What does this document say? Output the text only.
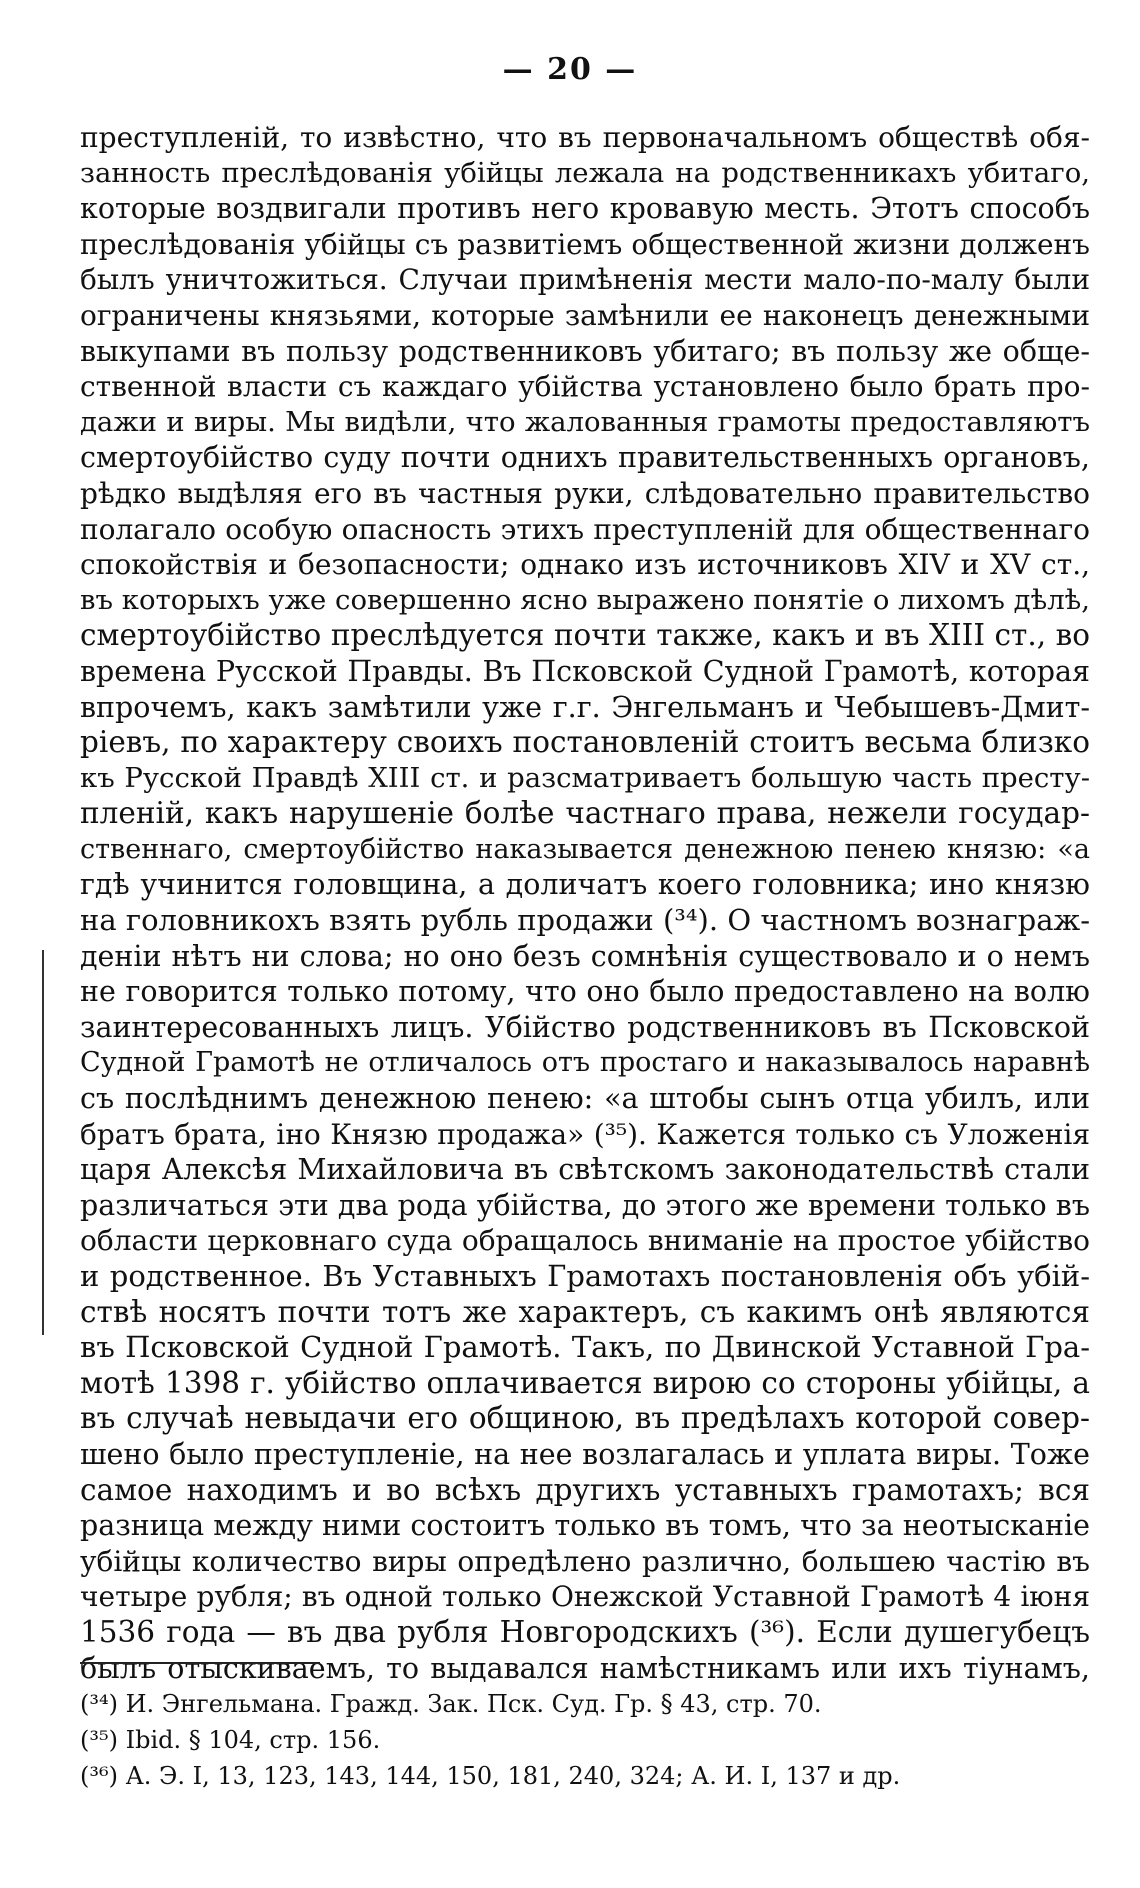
— 20 —
преступленій, то извѣстно, что въ первоначальномъ обществѣ обя-
занность преслѣдованія убійцы лежала на родственникахъ убитаго,
которые воздвигали противъ него кровавую месть. Этотъ способъ
преслѣдованія убійцы съ развитіемъ общественной жизни долженъ
былъ уничтожиться. Случаи примѣненія мести мало-по-малу были
ограничены князьями, которые замѣнили ее наконецъ денежными
выкупами въ пользу родственниковъ убитаго; въ пользу же обще-
ственной власти съ каждаго убійства установлено было брать про-
дажи и виры. Мы видѣли, что жалованныя грамоты предоставляютъ
смертоубійство суду почти однихъ правительственныхъ органовъ,
рѣдко выдѣляя его въ частныя руки, слѣдовательно правительство
полагало особую опасность этихъ преступленій для общественнаго
спокойствія и безопасности; однако изъ источниковъ XIV и XV ст.,
въ которыхъ уже совершенно ясно выражено понятіе о лихомъ дѣлѣ,
смертоубійство преслѣдуется почти также, какъ и въ XIII ст., во
времена Русской Правды. Въ Псковской Судной Грамотѣ, которая
впрочемъ, какъ замѣтили уже г.г. Энгельманъ и Чебышевъ-Дмит-
ріевъ, по характеру своихъ постановленій стоитъ весьма близко
къ Русской Правдѣ XIII ст. и разсматриваетъ большую часть престу-
пленій, какъ нарушеніе болѣе частнаго права, нежели государ-
ственнаго, смертоубійство наказывается денежною пенею князю: «а
гдѣ учинится головщина, а доличатъ коего головника; ино князю
на головникохъ взять рубль продажи (³⁴). О частномъ вознаграж-
деніи нѣтъ ни слова; но оно безъ сомнѣнія существовало и о немъ
не говорится только потому, что оно было предоставлено на волю
заинтересованныхъ лицъ. Убійство родственниковъ въ Псковской
Судной Грамотѣ не отличалось отъ простаго и наказывалось наравнѣ
съ послѣднимъ денежною пенею: «а штобы сынъ отца убилъ, или
братъ брата, іно Князю продажа» (³⁵). Кажется только съ Уложенія
царя Алексѣя Михайловича въ свѣтскомъ законодательствѣ стали
различаться эти два рода убійства, до этого же времени только въ
области церковнаго суда обращалось вниманіе на простое убійство
и родственное. Въ Уставныхъ Грамотахъ постановленія объ убій-
ствѣ носятъ почти тотъ же характеръ, съ какимъ онѣ являются
въ Псковской Судной Грамотѣ. Такъ, по Двинской Уставной Гра-
мотѣ 1398 г. убійство оплачивается вирою со стороны убійцы, а
въ случаѣ невыдачи его общиною, въ предѣлахъ которой совер-
шено было преступленіе, на нее возлагалась и уплата виры. Тоже
самое находимъ и во всѣхъ другихъ уставныхъ грамотахъ; вся
разница между ними состоитъ только въ томъ, что за неотысканіе
убійцы количество виры опредѣлено различно, большею частію въ
четыре рубля; въ одной только Онежской Уставной Грамотѣ 4 іюня
1536 года — въ два рубля Новгородскихъ (³⁶). Если душегубецъ
былъ отыскиваемъ, то выдавался намѣстникамъ или ихъ тіунамъ,
(³⁴) И. Энгельмана. Гражд. Зак. Пск. Суд. Гр. § 43, стр. 70.
(³⁵) Ibid. § 104, стр. 156.
(³⁶) А. Э. I, 13, 123, 143, 144, 150, 181, 240, 324; А. И. I, 137 и др.
